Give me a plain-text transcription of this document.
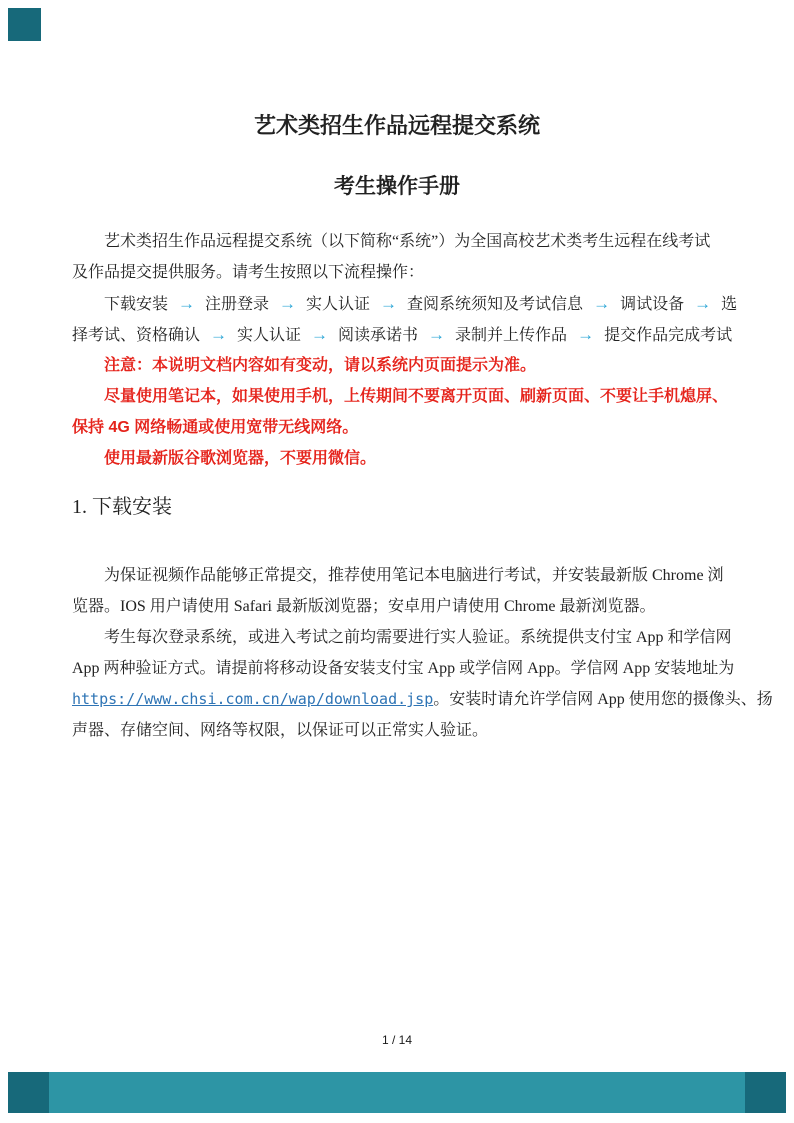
艺术类招生作品远程提交系统
考生操作手册
　　艺术类招生作品远程提交系统（以下简称“系统”）为全国高校艺术类考生远程在线考试
及作品提交提供服务。请考生按照以下流程操作：
　　下载安装 → 注册登录 → 实人认证 → 查阅系统须知及考试信息 → 调试设备 → 选
择考试、资格确认 → 实人认证 → 阅读承诺书 → 录制并上传作品 → 提交作品完成考试
　　注意：本说明文档内容如有变动，请以系统内页面提示为准。
　　尽量使用笔记本，如果使用手机，上传期间不要离开页面、刷新页面、不要让手机熄屏、
保持 4G 网络畅通或使用宽带无线网络。
　　使用最新版谷歌浏览器，不要用微信。
1. 下载安装
　　为保证视频作品能够正常提交，推荐使用笔记本电脑进行考试，并安装最新版 Chrome 浏
览器。IOS 用户请使用 Safari 最新版浏览器；安卓用户请使用 Chrome 最新浏览器。
　　考生每次登录系统，或进入考试之前均需要进行实人验证。系统提供支付宝 App 和学信网
App 两种验证方式。请提前将移动设备安装支付宝 App 或学信网 App。学信网 App 安装地址为
https://www.chsi.com.cn/wap/download.jsp。安装时请允许学信网 App 使用您的摄像头、扬
声器、存储空间、网络等权限，以保证可以正常实人验证。
1 / 14
